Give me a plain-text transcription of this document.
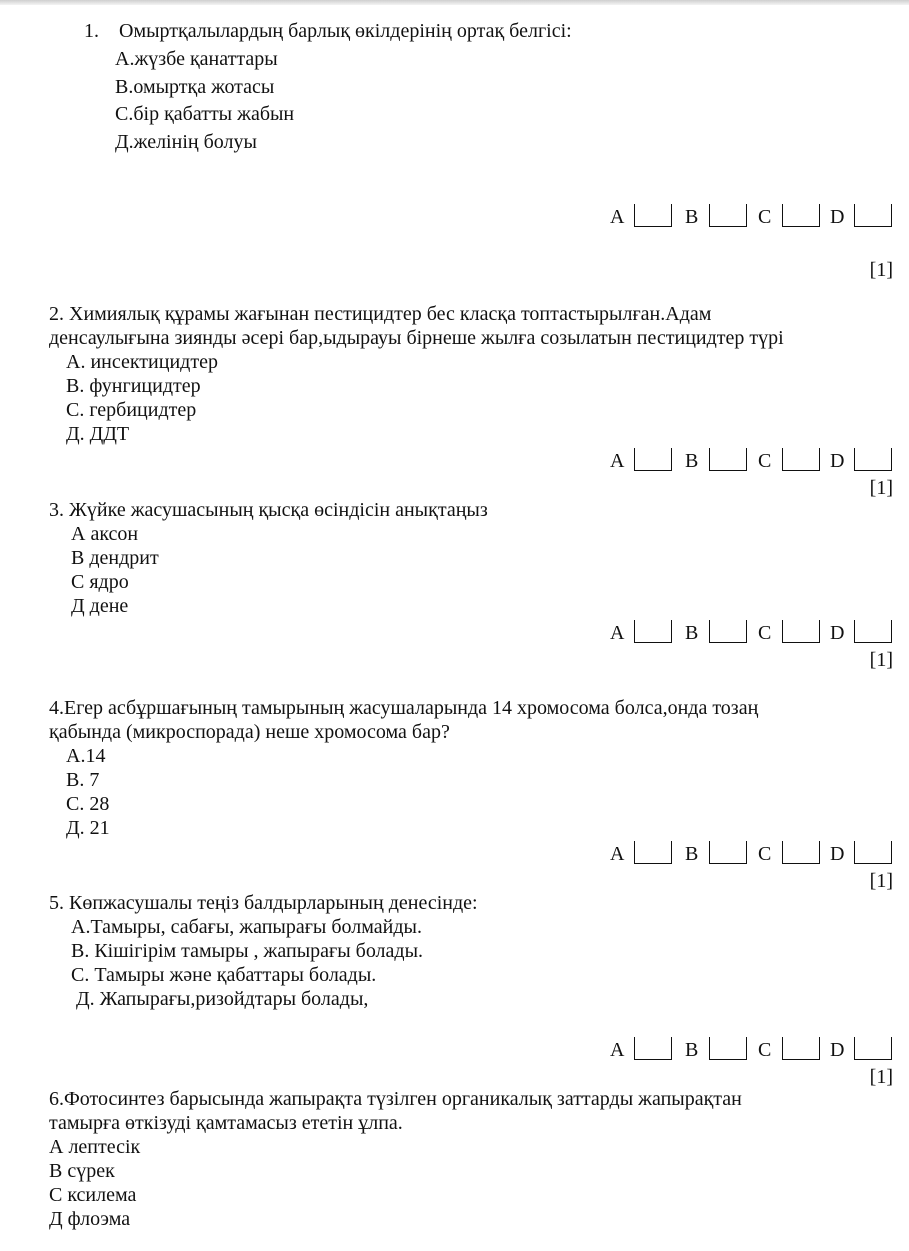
1.    Омыртқалылардың барлық өкілдерінің ортақ белгісі:
А.жүзбе қанаттары
В.омыртқа жотасы
С.бір қабатты жабын
Д.желінің болуы
A	B	C	D
[1]
2. Химиялық құрамы жағынан пестицидтер бес класқа топтастырылған.Адам
денсаулығына зиянды әсері бар,ыдырауы бірнеше жылға созылатын пестицидтер түрі
А. инсектицидтер
В. фунгицидтер
С. гербицидтер
Д. ДДТ
A	B	C	D
[1]
3. Жүйке жасушасының қысқа өсіндісін анықтаңыз
А аксон
В дендрит
С ядро
Д дене
A	B	C	D
[1]
4.Егер асбұршағының тамырының жасушаларында 14 хромосома болса,онда тозаң
қабында (микроспорада) неше хромосома бар?
А.14
В. 7
С. 28
Д. 21
A	B	C	D
[1]
5. Көпжасушалы теңіз балдырларының денесінде:
А.Тамыры, сабағы, жапырағы болмайды.
В. Кішігірім тамыры , жапырағы болады.
С. Тамыры және қабаттары болады.
Д. Жапырағы,ризойдтары болады,
A	B	C	D
[1]
6.Фотосинтез барысында жапырақта түзілген органикалық заттарды жапырақтан
тамырға өткізуді қамтамасыз ететін ұлпа.
А лептесік
В сүрек
С ксилема
Д флоэма
